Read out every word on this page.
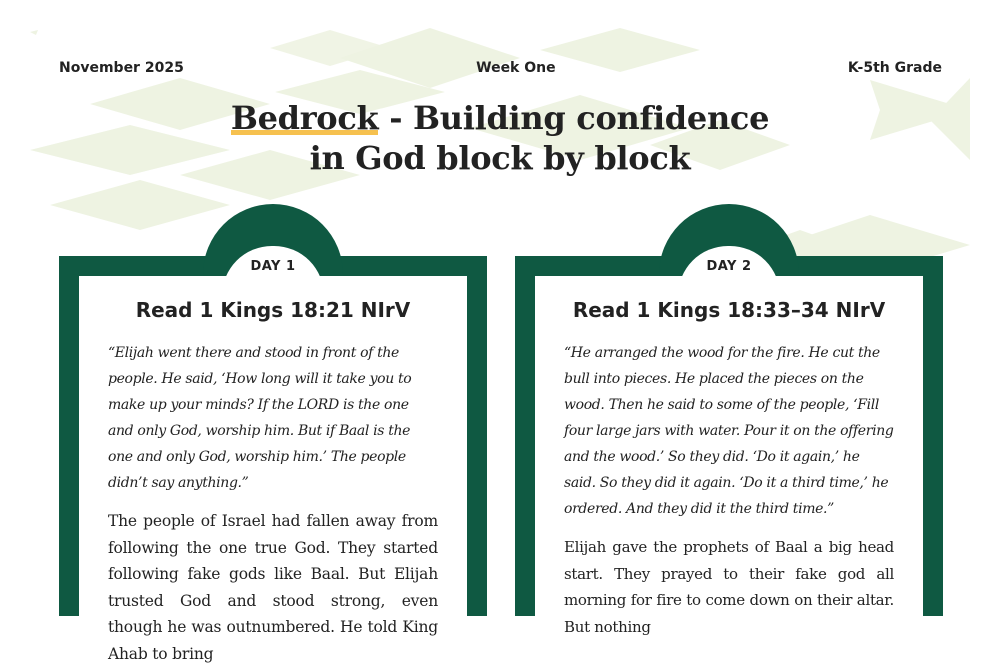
November 2025	Week One	K-5th Grade
Bedrock - Building confidence
in God block by block
DAY 1
Read 1 Kings 18:21 NIrV

“Elijah went there and stood in front of the people. He said, ‘How long will it take you to make up your minds? If the LORD is the one and only God, worship him. But if Baal is the one and only God, worship him.’ The people didn’t say anything.”

The people of Israel had fallen away from following the one true God. They started following fake gods like Baal. But Elijah trusted God and stood strong, even though he was outnumbered. He told King Ahab to bring

DAY 2
Read 1 Kings 18:33–34 NIrV

“He arranged the wood for the fire. He cut the bull into pieces. He placed the pieces on the wood. Then he said to some of the people, ‘Fill four large jars with water. Pour it on the offering and the wood.’ So they did. ‘Do it again,’ he said. So they did it again. ‘Do it a third time,’ he ordered. And they did it the third time.”

Elijah gave the prophets of Baal a big head start. They prayed to their fake god all morning for fire to come down on their altar. But nothing
